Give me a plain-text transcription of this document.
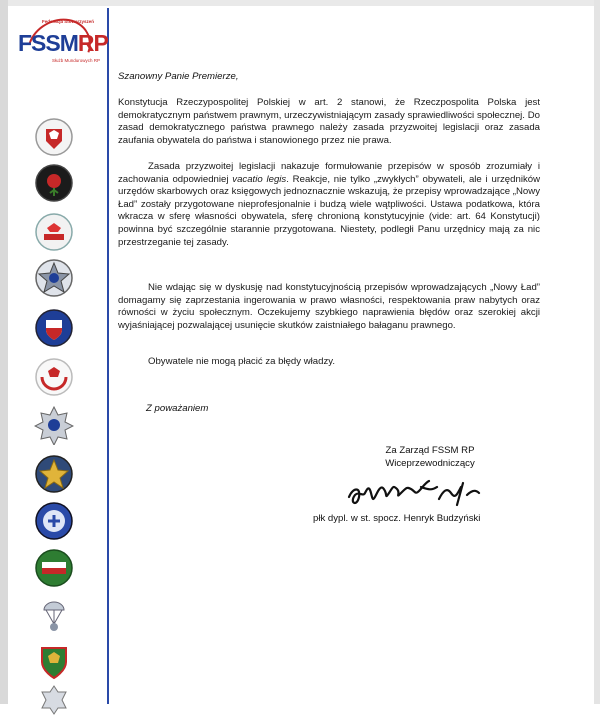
Federacja Stowarzyszeń
FSSMRP
Służb Mundurowych RP
Szanowny Panie Premierze,

Konstytucja Rzeczypospolitej Polskiej w art. 2 stanowi, że Rzeczpospolita Polska jest demokratycznym państwem prawnym, urzeczywistniającym zasady sprawiedliwości społecznej. Do zasad demokratycznego państwa prawnego należy zasada przyzwoitej legislacji oraz zasada zaufania obywatela do państwa i stanowionego przez nie prawa.

Zasada przyzwoitej legislacji nakazuje formułowanie przepisów w sposób zrozumiały i zachowania odpowiedniej vacatio legis. Reakcje, nie tylko „zwykłych” obywateli, ale i urzędników urzędów skarbowych oraz księgowych jednoznacznie wskazują, że przepisy wprowadzające „Nowy Ład” zostały przygotowane nieprofesjonalnie i budzą wiele wątpliwości. Ustawa podatkowa, która wkracza w sferę własności obywatela, sferę chronioną konstytucyjnie (vide: art. 64 Konstytucji) powinna być szczególnie starannie przygotowana. Niestety, podległi Panu urzędnicy mają za nic przestrzeganie tej zasady.

Nie wdając się w dyskusję nad konstytucyjnością przepisów wprowadzających „Nowy Ład” domagamy się zaprzestania ingerowania w prawo własności, respektowania praw nabytych oraz równości w życiu społecznym. Oczekujemy szybkiego naprawienia błędów oraz szerokiej akcji wyjaśniającej pozwalającej usunięcie skutków zaistniałego bałaganu prawnego.

Obywatele nie mogą płacić za błędy władzy.

Z poważaniem
Za Zarząd FSSM RP
Wiceprzewodniczący
płk dypl. w st. spocz. Henryk Budzyński
